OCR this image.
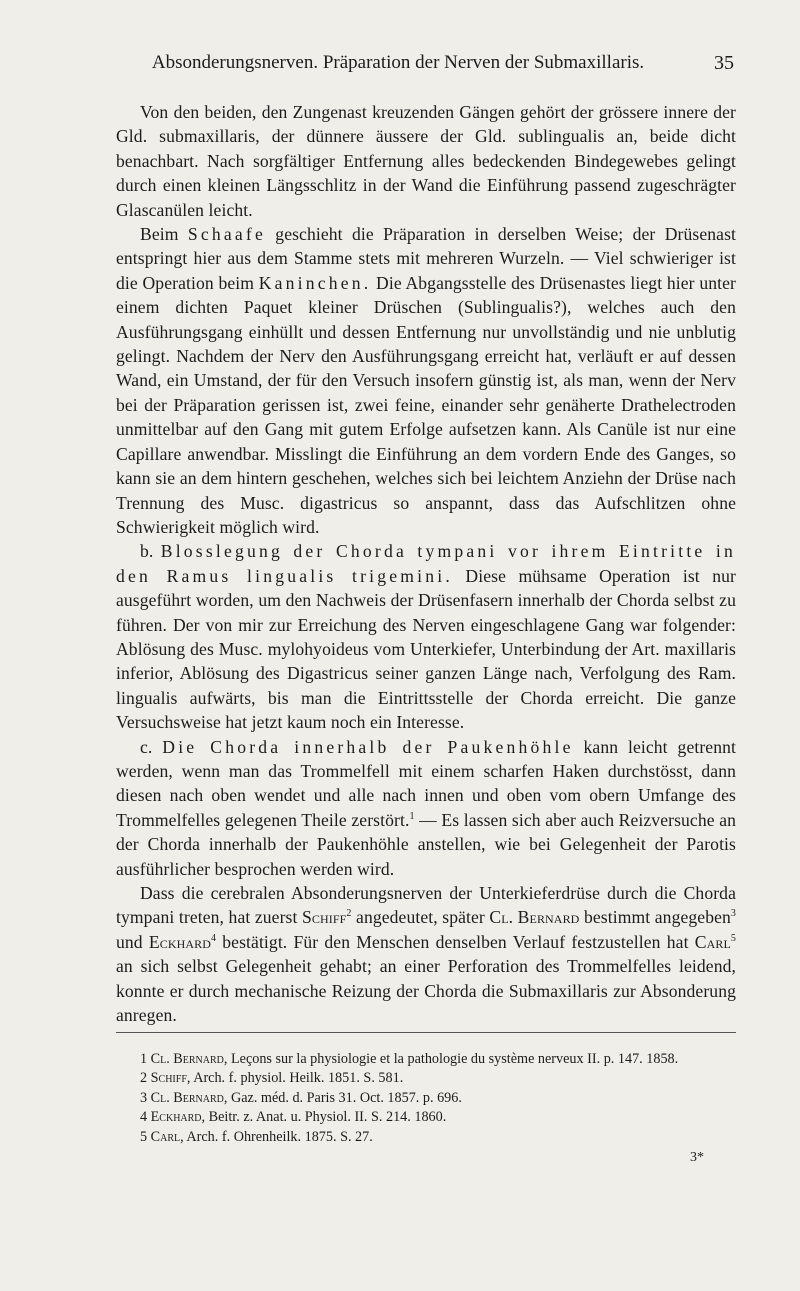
Absonderungsnerven. Präparation der Nerven der Submaxillaris.	35

Von den beiden, den Zungenast kreuzenden Gängen gehört der grössere innere der Gld. submaxillaris, der dünnere äussere der Gld. sublingualis an, beide dicht benachbart. Nach sorgfältiger Entfernung alles bedeckenden Bindegewebes gelingt durch einen kleinen Längsschlitz in der Wand die Einführung passend zugeschrägter Glascanülen leicht.

Beim Schaafe geschieht die Präparation in derselben Weise; der Drüsenast entspringt hier aus dem Stamme stets mit mehreren Wurzeln. — Viel schwieriger ist die Operation beim Kaninchen. Die Abgangsstelle des Drüsenastes liegt hier unter einem dichten Paquet kleiner Drüschen (Sublingualis?), welches auch den Ausführungsgang einhüllt und dessen Entfernung nur unvollständig und nie unblutig gelingt. Nachdem der Nerv den Ausführungsgang erreicht hat, verläuft er auf dessen Wand, ein Umstand, der für den Versuch insofern günstig ist, als man, wenn der Nerv bei der Präparation gerissen ist, zwei feine, einander sehr genäherte Drathelectroden unmittelbar auf den Gang mit gutem Erfolge aufsetzen kann. Als Canüle ist nur eine Capillare anwendbar. Misslingt die Einführung an dem vordern Ende des Ganges, so kann sie an dem hintern geschehen, welches sich bei leichtem Anziehn der Drüse nach Trennung des Musc. digastricus so anspannt, dass das Aufschlitzen ohne Schwierigkeit möglich wird.

b. Blosslegung der Chorda tympani vor ihrem Eintritte in den Ramus lingualis trigemini. Diese mühsame Operation ist nur ausgeführt worden, um den Nachweis der Drüsenfasern innerhalb der Chorda selbst zu führen. Der von mir zur Erreichung des Nerven eingeschlagene Gang war folgender: Ablösung des Musc. mylohyoideus vom Unterkiefer, Unterbindung der Art. maxillaris inferior, Ablösung des Digastricus seiner ganzen Länge nach, Verfolgung des Ram. lingualis aufwärts, bis man die Eintrittsstelle der Chorda erreicht. Die ganze Versuchsweise hat jetzt kaum noch ein Interesse.

c. Die Chorda innerhalb der Paukenhöhle kann leicht getrennt werden, wenn man das Trommelfell mit einem scharfen Haken durchstösst, dann diesen nach oben wendet und alle nach innen und oben vom obern Umfange des Trommelfelles gelegenen Theile zerstört.$^1$ — Es lassen sich aber auch Reizversuche an der Chorda innerhalb der Paukenhöhle anstellen, wie bei Gelegenheit der Parotis ausführlicher besprochen werden wird.

Dass die cerebralen Absonderungsnerven der Unterkieferdrüse durch die Chorda tympani treten, hat zuerst Schiff$^2$ angedeutet, später Cl. Bernard bestimmt angegeben$^3$ und Eckhard$^4$ bestätigt. Für den Menschen denselben Verlauf festzustellen hat Carl$^5$ an sich selbst Gelegenheit gehabt; an einer Perforation des Trommelfelles leidend, konnte er durch mechanische Reizung der Chorda die Submaxillaris zur Absonderung anregen.

1 Cl. Bernard, Leçons sur la physiologie et la pathologie du système nerveux II. p. 147. 1858.

2 Schiff, Arch. f. physiol. Heilk. 1851. S. 581.

3 Cl. Bernard, Gaz. méd. d. Paris 31. Oct. 1857. p. 696.

4 Eckhard, Beitr. z. Anat. u. Physiol. II. S. 214. 1860.

5 Carl, Arch. f. Ohrenheilk. 1875. S. 27.

3*
